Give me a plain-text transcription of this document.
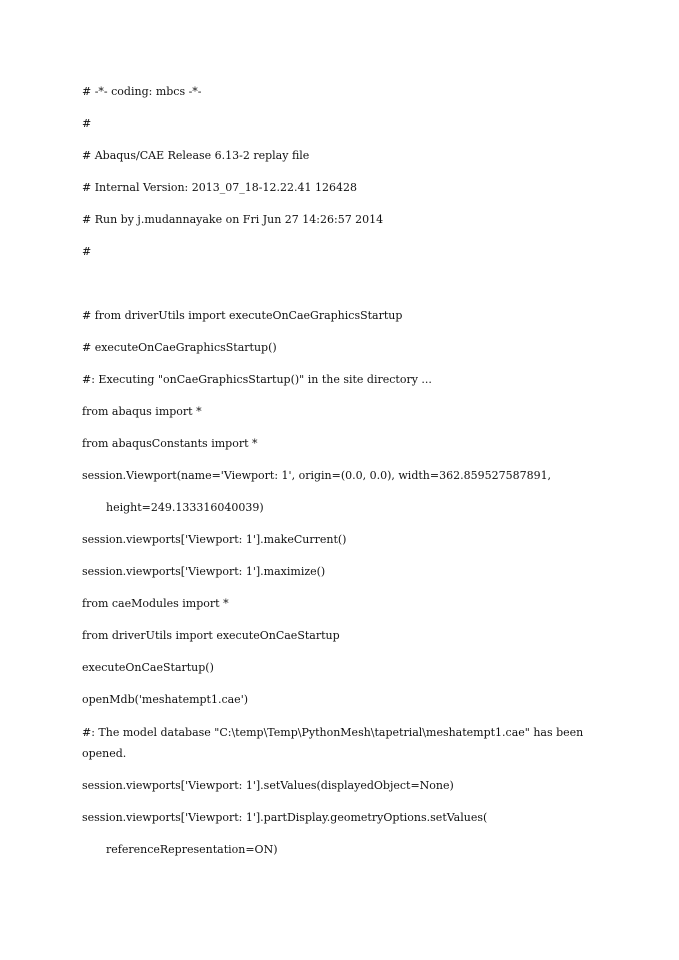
# -*- coding: mbcs -*-
#
# Abaqus/CAE Release 6.13-2 replay file
# Internal Version: 2013_07_18-12.22.41 126428
# Run by j.mudannayake on Fri Jun 27 14:26:57 2014
#
# from driverUtils import executeOnCaeGraphicsStartup
# executeOnCaeGraphicsStartup()
#: Executing "onCaeGraphicsStartup()" in the site directory ...
from abaqus import *
from abaqusConstants import *
session.Viewport(name='Viewport: 1', origin=(0.0, 0.0), width=362.859527587891,
height=249.133316040039)
session.viewports['Viewport: 1'].makeCurrent()
session.viewports['Viewport: 1'].maximize()
from caeModules import *
from driverUtils import executeOnCaeStartup
executeOnCaeStartup()
openMdb('meshatempt1.cae')
#: The model database "C:\temp\Temp\PythonMesh\tapetrial\meshatempt1.cae" has been
opened.
session.viewports['Viewport: 1'].setValues(displayedObject=None)
session.viewports['Viewport: 1'].partDisplay.geometryOptions.setValues(
referenceRepresentation=ON)
